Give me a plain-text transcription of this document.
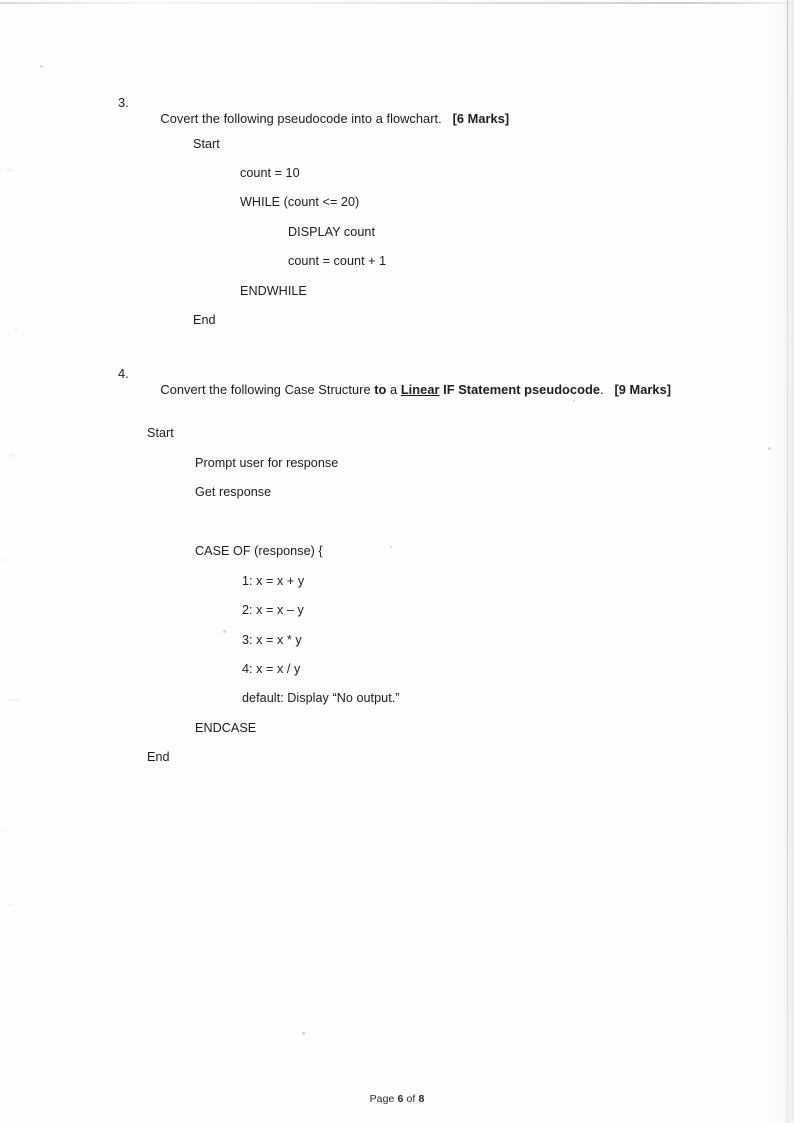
3.

Covert the following pseudocode into a flowchart. [6 Marks]

Start
count = 10
WHILE (count <= 20)
DISPLAY count
count = count + 1
ENDWHILE
End
4.

Convert the following Case Structure to a Linear IF Statement pseudocode. [9 Marks]

Start
Prompt user for response
Get response
CASE OF (response) {
1: x = x + y
2: x = x – y
3: x = x * y
4: x = x / y
default: Display “No output.”
ENDCASE
End
Page 6 of 8
